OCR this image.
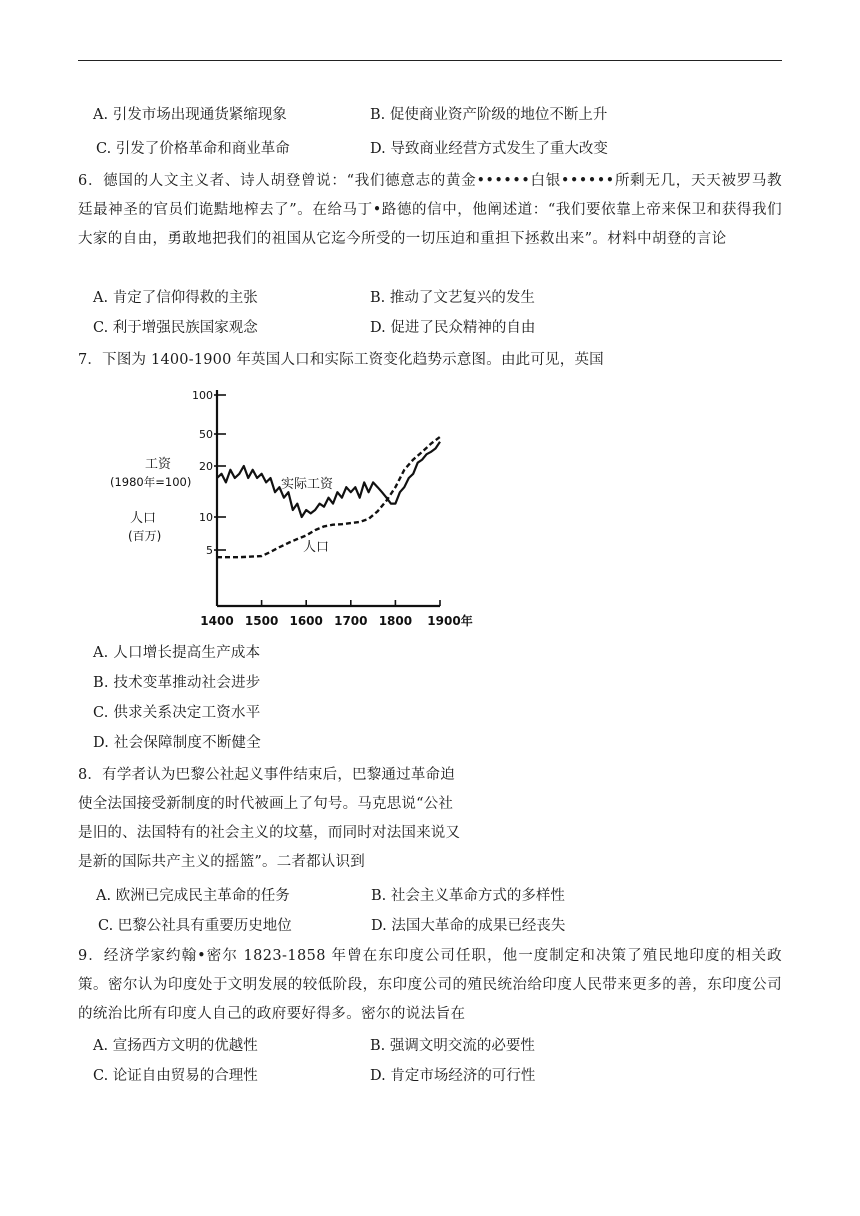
A. 引发市场出现通货紧缩现象	B. 促使商业资产阶级的地位不断上升
C. 引发了价格革命和商业革命	D. 导致商业经营方式发生了重大改变
6．德国的人文主义者、诗人胡登曾说：“我们德意志的黄金••••••白银••••••所剩无几，天天被罗马教廷最神圣的官员们诡黠地榨去了”。在给马丁•路德的信中，他阐述道：“我们要依靠上帝来保卫和获得我们大家的自由，勇敢地把我们的祖国从它迄今所受的一切压迫和重担下拯救出来”。材料中胡登的言论
A. 肯定了信仰得救的主张	B. 推动了文艺复兴的发生
C. 利于增强民族国家观念	D. 促进了民众精神的自由
7．下图为 1400-1900 年英国人口和实际工资变化趋势示意图。由此可见，英国
100
50
20
10
5
1400 1500 1600 1700 1800 1900年
实际工资
人口
工资
(1980年=100)
人口
(百万)
A. 人口增长提高生产成本
B. 技术变革推动社会进步
C. 供求关系决定工资水平
D. 社会保障制度不断健全
8．有学者认为巴黎公社起义事件结束后，巴黎通过革命迫
使全法国接受新制度的时代被画上了句号。马克思说“公社
是旧的、法国特有的社会主义的坟墓，而同时对法国来说又
是新的国际共产主义的摇篮”。二者都认识到
A. 欧洲已完成民主革命的任务	B. 社会主义革命方式的多样性
C. 巴黎公社具有重要历史地位	D. 法国大革命的成果已经丧失
9．经济学家约翰•密尔 1823-1858 年曾在东印度公司任职，他一度制定和决策了殖民地印度的相关政策。密尔认为印度处于文明发展的较低阶段，东印度公司的殖民统治给印度人民带来更多的善，东印度公司的统治比所有印度人自己的政府要好得多。密尔的说法旨在
A. 宣扬西方文明的优越性	B. 强调文明交流的必要性
C. 论证自由贸易的合理性	D. 肯定市场经济的可行性
